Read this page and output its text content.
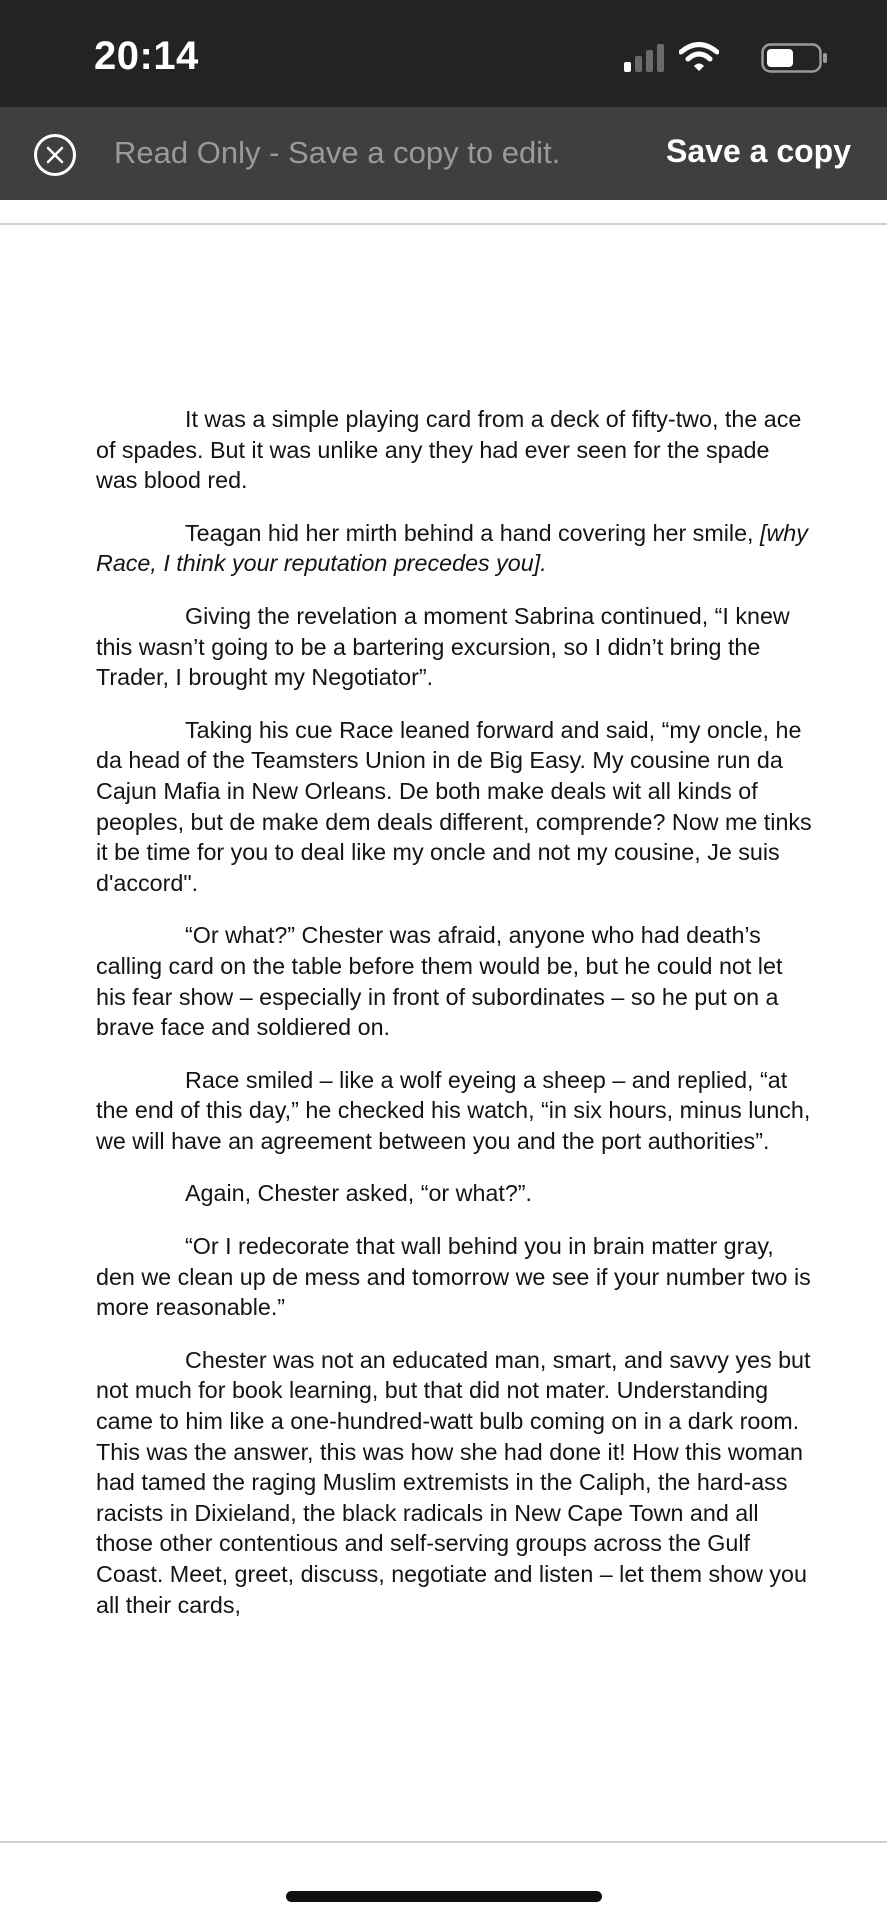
20:14
Read Only - Save a copy to edit.	Save a copy

It was a simple playing card from a deck of fifty-two, the ace of spades. But it was unlike any they had ever seen for the spade was blood red.

Teagan hid her mirth behind a hand covering her smile, [why Race, I think your reputation precedes you].

Giving the revelation a moment Sabrina continued, “I knew this wasn’t going to be a bartering excursion, so I didn’t bring the Trader, I brought my Negotiator”.

Taking his cue Race leaned forward and said, “my oncle, he da head of the Teamsters Union in de Big Easy. My cousine run da Cajun Mafia in New Orleans. De both make deals wit all kinds of peoples, but de make dem deals different, comprende? Now me tinks it be time for you to deal like my oncle and not my cousine, Je suis d'accord".

“Or what?” Chester was afraid, anyone who had death’s calling card on the table before them would be, but he could not let his fear show – especially in front of subordinates – so he put on a brave face and soldiered on.

Race smiled – like a wolf eyeing a sheep – and replied, “at the end of this day,” he checked his watch, “in six hours, minus lunch, we will have an agreement between you and the port authorities”.

Again, Chester asked, “or what?”.

“Or I redecorate that wall behind you in brain matter gray, den we clean up de mess and tomorrow we see if your number two is more reasonable.”

Chester was not an educated man, smart, and savvy yes but not much for book learning, but that did not mater. Understanding came to him like a one-hundred-watt bulb coming on in a dark room. This was the answer, this was how she had done it! How this woman had tamed the raging Muslim extremists in the Caliph, the hard-ass racists in Dixieland, the black radicals in New Cape Town and all those other contentious and self-serving groups across the Gulf Coast. Meet, greet, discuss, negotiate and listen – let them show you all their cards,
